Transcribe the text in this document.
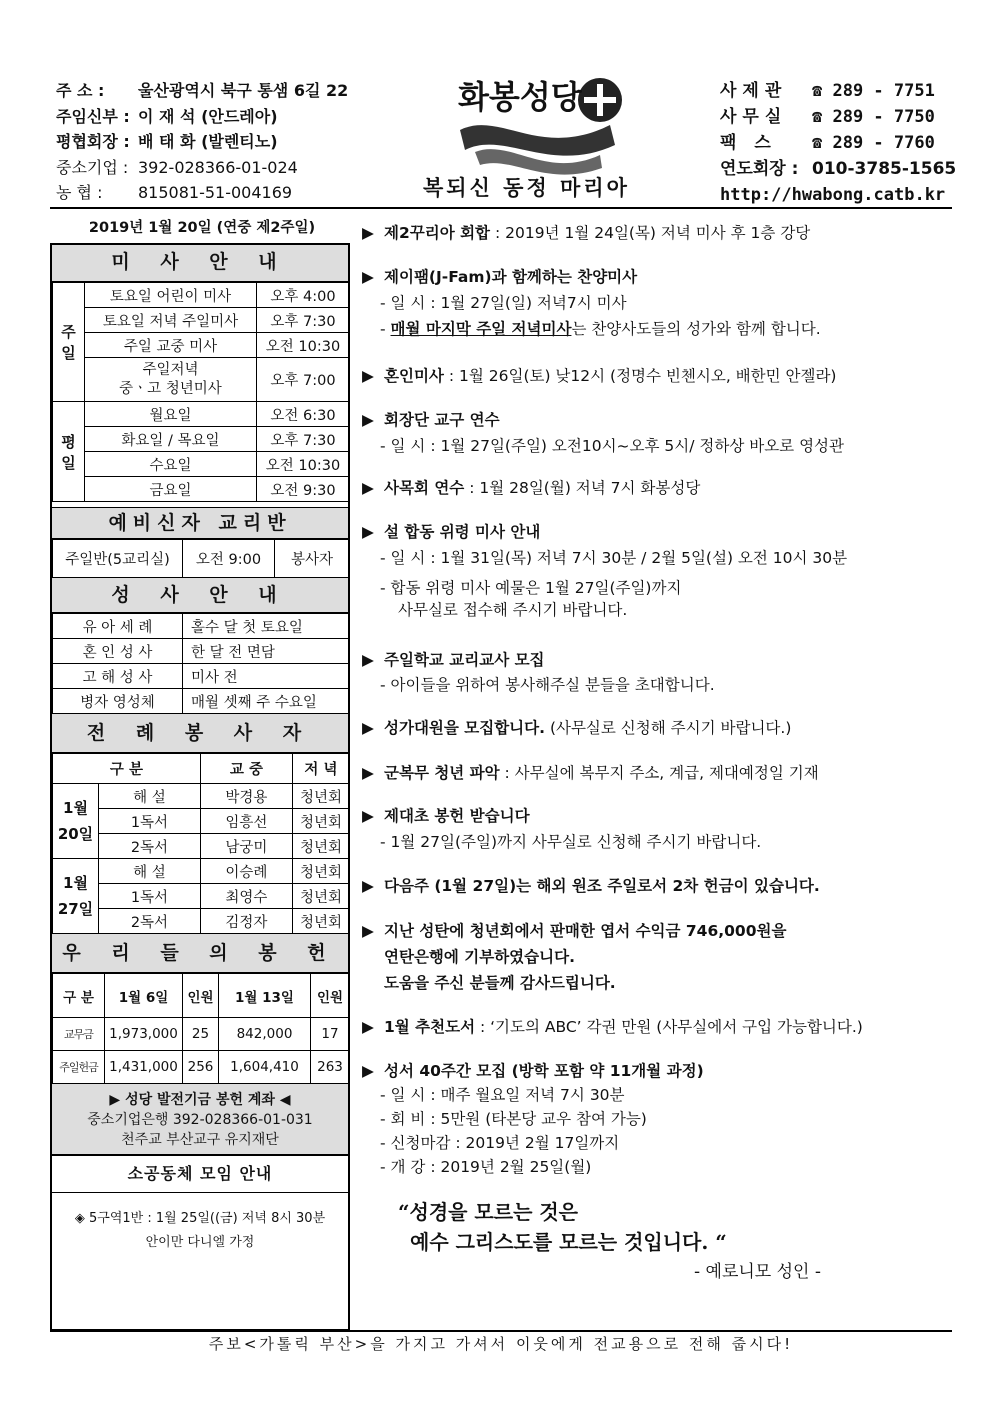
주 소 : 울산광역시 북구 통샘 6길 22
주임신부 : 이 재 석 (안드레아)
평협회장 : 배 태 화 (발렌티노)
중소기업 : 392-028366-01-024
농 협 : 815081-51-004169
화봉성당
복되신 동정 마리아
사제관 ☎ 289 - 7751
사무실 ☎ 289 - 7750
팩 스 ☎ 289 - 7760
연도회장 : 010-3785-1565
http://hwabong.catb.kr
2019년 1월 20일 (연중 제2주일)
미 사 안 내
주일	토요일 어린이 미사	오후 4:00
	토요일 저녁 주일미사	오후 7:30
	주일 교중 미사	오전 10:30
	주일저녁
중ㆍ고 청년미사	오후 7:00
평일	월요일	오전 6:30
	화요일 / 목요일	오후 7:30
	수요일	오전 10:30
	금요일	오전 9:30
예비신자 교리반
주일반(5교리실)	오전 9:00	봉사자
성 사 안 내
유 아 세 례	홀수 달 첫 토요일
혼 인 성 사	한 달 전 면담
고 해 성 사	미사 전
병자 영성체	매월 셋째 주 수요일
전 례 봉 사 자
구 분		교 중	저 녁
1월
20일	해 설	박경용	청년회
	1독서	임흥선	청년회
	2독서	남궁미	청년회
1월
27일	해 설	이승례	청년회
	1독서	최영수	청년회
	2독서	김정자	청년회
우 리 들 의 봉 헌
구 분	1월 6일	인원	1월 13일	인원
교무금	1,973,000	25	842,000	17
주일헌금	1,431,000	256	1,604,410	263
▶ 성당 발전기금 봉헌 계좌 ◀
중소기업은행 392-028366-01-031
천주교 부산교구 유지재단
소공동체 모임 안내
◈ 5구역1반 : 1월 25일((금) 저녁 8시 30분
안이만 다니엘 가정
▶ 제2꾸리아 회합 : 2019년 1월 24일(목) 저녁 미사 후 1층 강당
▶ 제이팸(J-Fam)과 함께하는 찬양미사
- 일 시 : 1월 27일(일) 저녁7시 미사
- 매월 마지막 주일 저녁미사는 찬양사도들의 성가와 함께 합니다.
▶ 혼인미사 : 1월 26일(토) 낮12시 (정명수 빈첸시오, 배한민 안젤라)
▶ 회장단 교구 연수
- 일 시 : 1월 27일(주일) 오전10시~오후 5시/ 정하상 바오로 영성관
▶ 사목회 연수 : 1월 28일(월) 저녁 7시 화봉성당
▶ 설 합동 위령 미사 안내
- 일 시 : 1월 31일(목) 저녁 7시 30분 / 2월 5일(설) 오전 10시 30분
- 합동 위령 미사 예물은 1월 27일(주일)까지
사무실로 접수해 주시기 바랍니다.
▶ 주일학교 교리교사 모집
- 아이들을 위하여 봉사해주실 분들을 초대합니다.
▶ 성가대원을 모집합니다. (사무실로 신청해 주시기 바랍니다.)
▶ 군복무 청년 파악 : 사무실에 복무지 주소, 계급, 제대예정일 기재
▶ 제대초 봉헌 받습니다
- 1월 27일(주일)까지 사무실로 신청해 주시기 바랍니다.
▶ 다음주 (1월 27일)는 해외 원조 주일로서 2차 헌금이 있습니다.
▶ 지난 성탄에 청년회에서 판매한 엽서 수익금 746,000원을
연탄은행에 기부하였습니다.
도움을 주신 분들께 감사드립니다.
▶ 1월 추천도서 : ‘기도의 ABC’ 각권 만원 (사무실에서 구입 가능합니다.)
▶ 성서 40주간 모집 (방학 포함 약 11개월 과정)
- 일 시 : 매주 월요일 저녁 7시 30분
- 회 비 : 5만원 (타본당 교우 참여 가능)
- 신청마감 : 2019년 2월 17일까지
- 개 강 : 2019년 2월 25일(월)
“성경을 모르는 것은
예수 그리스도를 모르는 것입니다. “
- 예로니모 성인 -
주보<가톨릭 부산>을 가지고 가셔서 이웃에게 전교용으로 전해 줍시다!
